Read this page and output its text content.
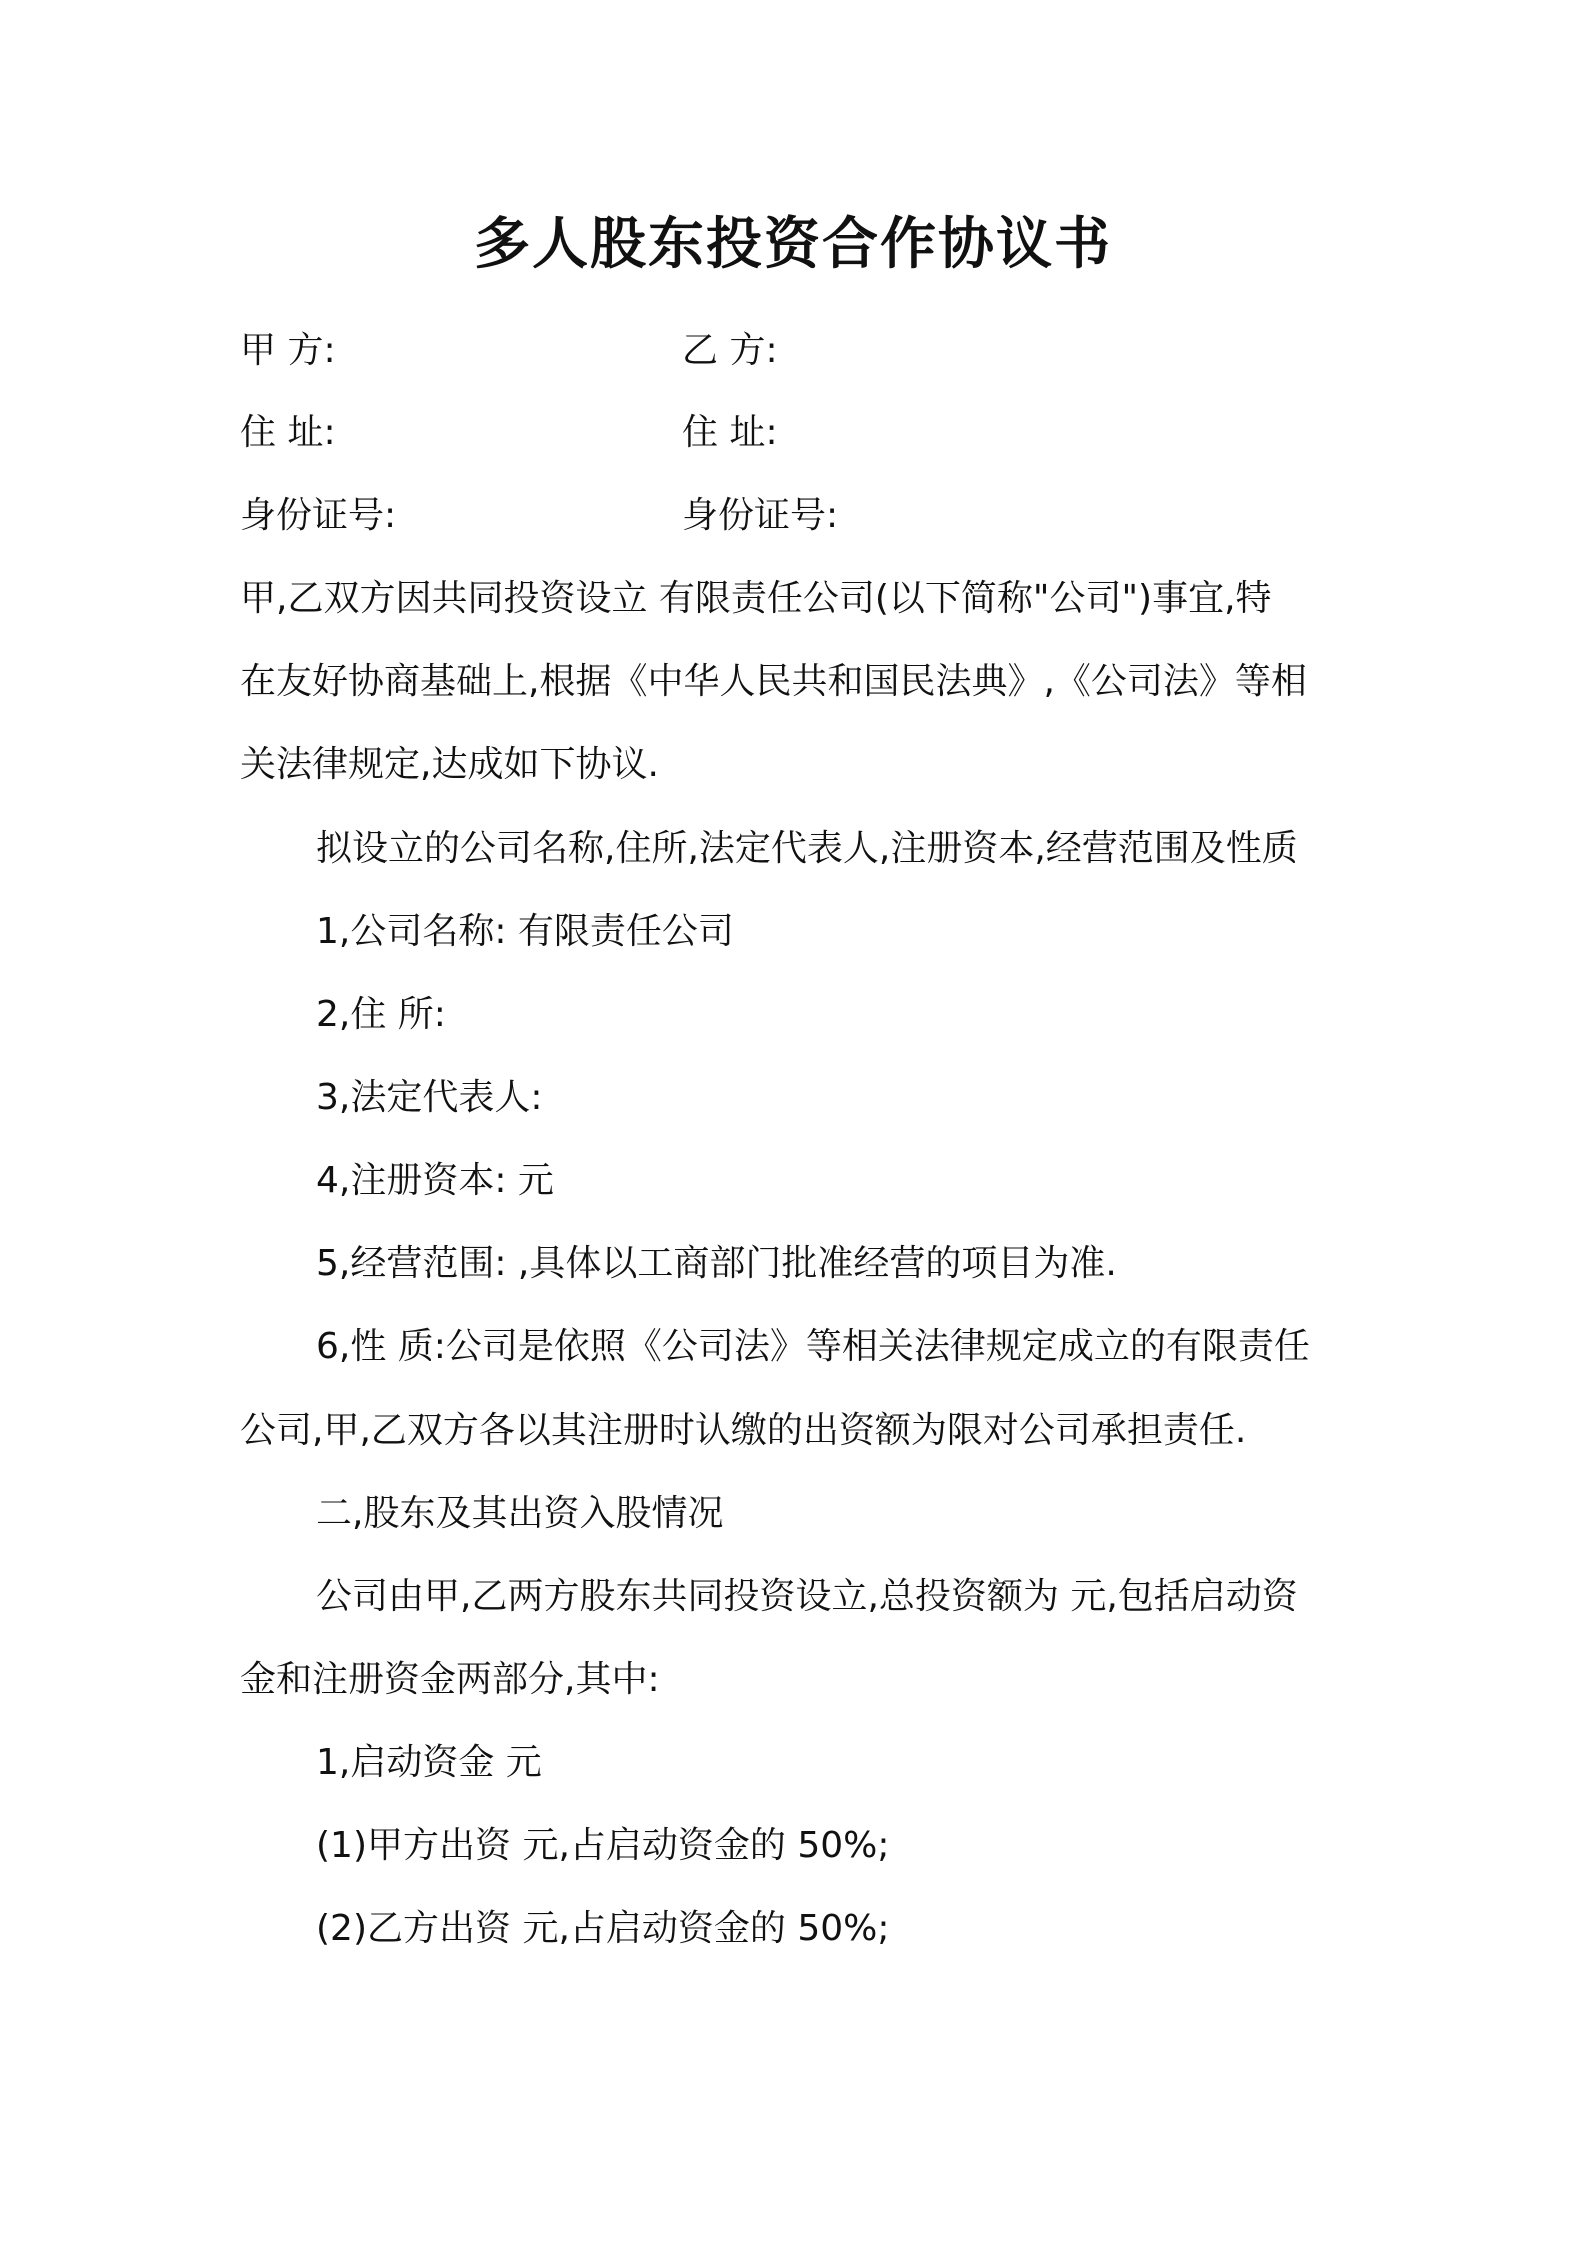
多人股东投资合作协议书
甲 方:	乙 方:
住 址:	住 址:
身份证号:	身份证号:
甲,乙双方因共同投资设立 有限责任公司(以下简称"公司")事宜,特
在友好协商基础上,根据《中华人民共和国民法典》,《公司法》等相
关法律规定,达成如下协议.
拟设立的公司名称,住所,法定代表人,注册资本,经营范围及性质
1,公司名称: 有限责任公司
2,住 所:
3,法定代表人:
4,注册资本: 元
5,经营范围: ,具体以工商部门批准经营的项目为准.
6,性 质:公司是依照《公司法》等相关法律规定成立的有限责任
公司,甲,乙双方各以其注册时认缴的出资额为限对公司承担责任.
二,股东及其出资入股情况
公司由甲,乙两方股东共同投资设立,总投资额为 元,包括启动资
金和注册资金两部分,其中:
1,启动资金 元
(1)甲方出资 元,占启动资金的 50%;
(2)乙方出资 元,占启动资金的 50%;
